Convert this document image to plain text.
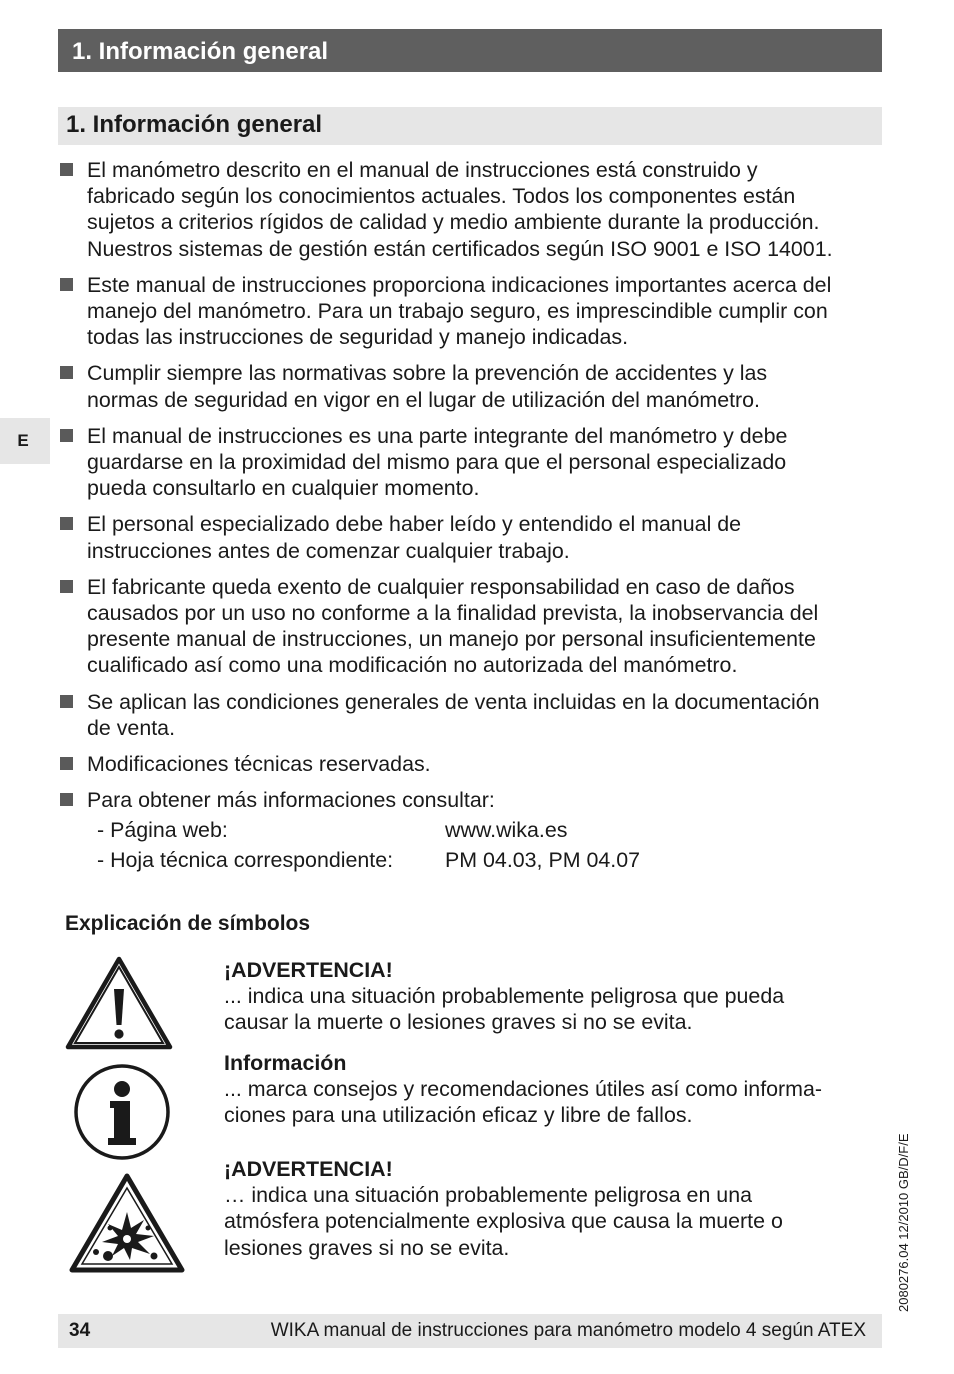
1. Información general
1. Información general
E
El manómetro descrito en el manual de instrucciones está construido y
fabricado según los conocimientos actuales. Todos los componentes están
sujetos a criterios rígidos de calidad y medio ambiente durante la producción.
Nuestros sistemas de gestión están certificados según ISO 9001 e ISO 14001.
Este manual de instrucciones proporciona indicaciones importantes acerca del
manejo del manómetro. Para un trabajo seguro, es imprescindible cumplir con
todas las instrucciones de seguridad y manejo indicadas.
Cumplir siempre las normativas sobre la prevención de accidentes y las
normas de seguridad en vigor en el lugar de utilización del manómetro.
El manual de instrucciones es una parte integrante del manómetro y debe
guardarse en la proximidad del mismo para que el personal especializado
pueda consultarlo en cualquier momento.
El personal especializado debe haber leído y entendido el manual de
instrucciones antes de comenzar cualquier trabajo.
El fabricante queda exento de cualquier responsabilidad en caso de daños
causados por un uso no conforme a la finalidad prevista, la inobservancia del
presente manual de instrucciones, un manejo por personal insuficientemente
cualificado así como una modificación no autorizada del manómetro.
Se aplican las condiciones generales de venta incluidas en la documentación
de venta.
Modificaciones técnicas reservadas.
Para obtener más informaciones consultar:
- Página web:	www.wika.es
- Hoja técnica correspondiente: PM 04.03, PM 04.07
Explicación de símbolos
¡ADVERTENCIA!
... indica una situación probablemente peligrosa que pueda
causar la muerte o lesiones graves si no se evita.
Información
... marca consejos y recomendaciones útiles así como informa-
ciones para una utilización eficaz y libre de fallos.
¡ADVERTENCIA!
… indica una situación probablemente peligrosa en una
atmósfera potencialmente explosiva que causa la muerte o
lesiones graves si no se evita.	2080276.04 12/2010 GB/D/F/E
34	WIKA manual de instrucciones para manómetro modelo 4 según ATEX
